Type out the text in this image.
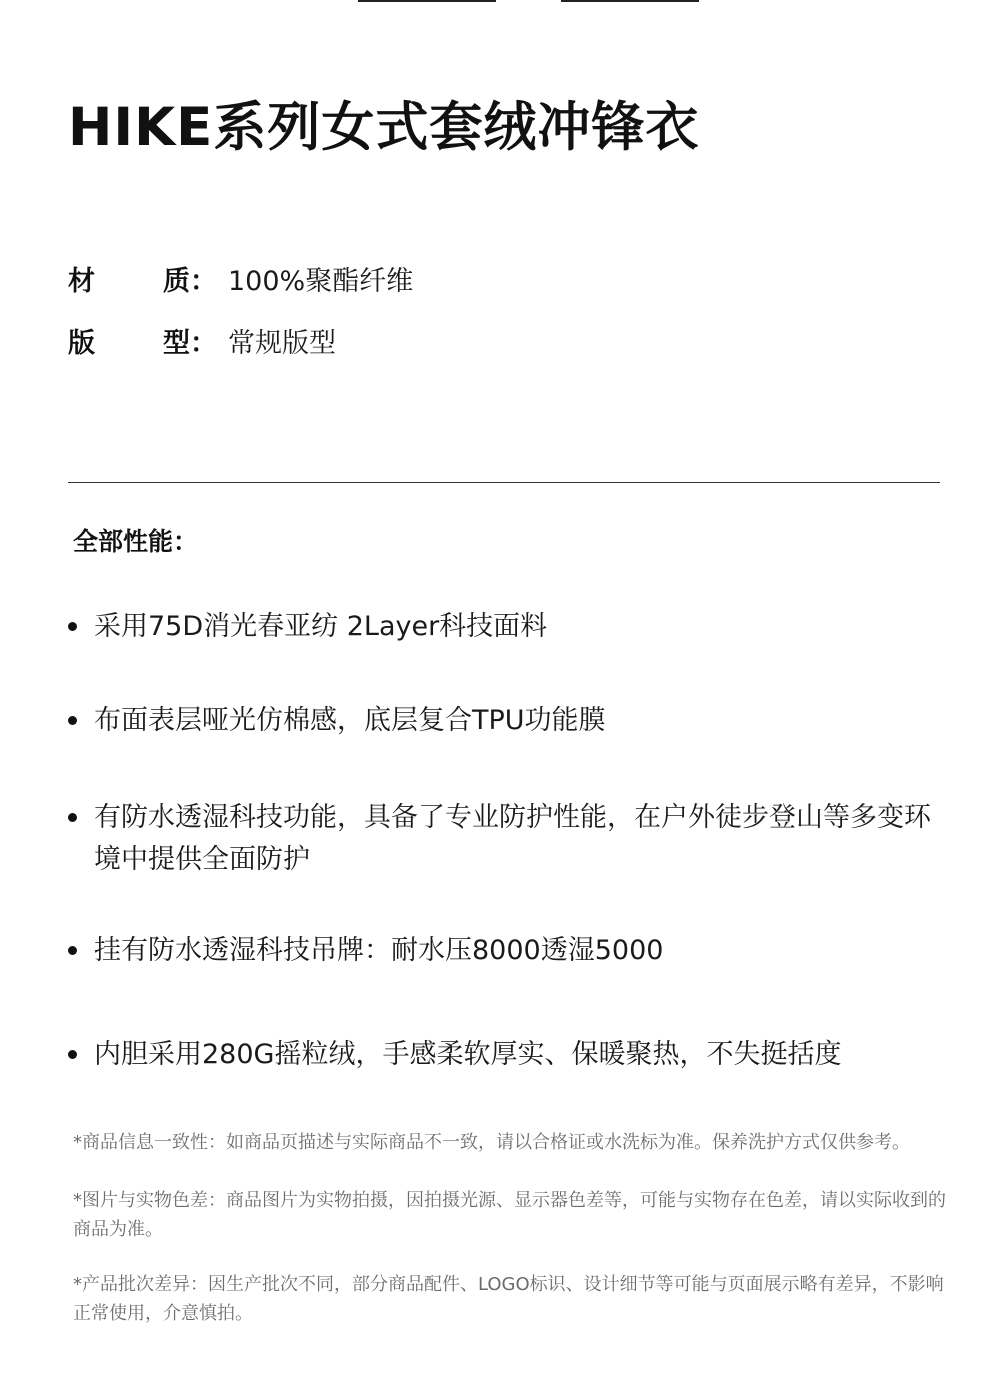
HIKE系列女式套绒冲锋衣
材	质： 100%聚酯纤维
版	型： 常规版型
全部性能：
采用75D消光春亚纺 2Layer科技面料
布面表层哑光仿棉感，底层复合TPU功能膜
有防水透湿科技功能，具备了专业防护性能，在户外徒步登山等多变环境中提供全面防护
挂有防水透湿科技吊牌：耐水压8000透湿5000
内胆采用280G摇粒绒，手感柔软厚实、保暖聚热，不失挺括度

*商品信息一致性：如商品页描述与实际商品不一致，请以合格证或水洗标为准。保养洗护方式仅供参考。

*图片与实物色差：商品图片为实物拍摄，因拍摄光源、显示器色差等，可能与实物存在色差，请以实际收到的商品为准。

*产品批次差异：因生产批次不同，部分商品配件、LOGO标识、设计细节等可能与页面展示略有差异，不影响正常使用，介意慎拍。
